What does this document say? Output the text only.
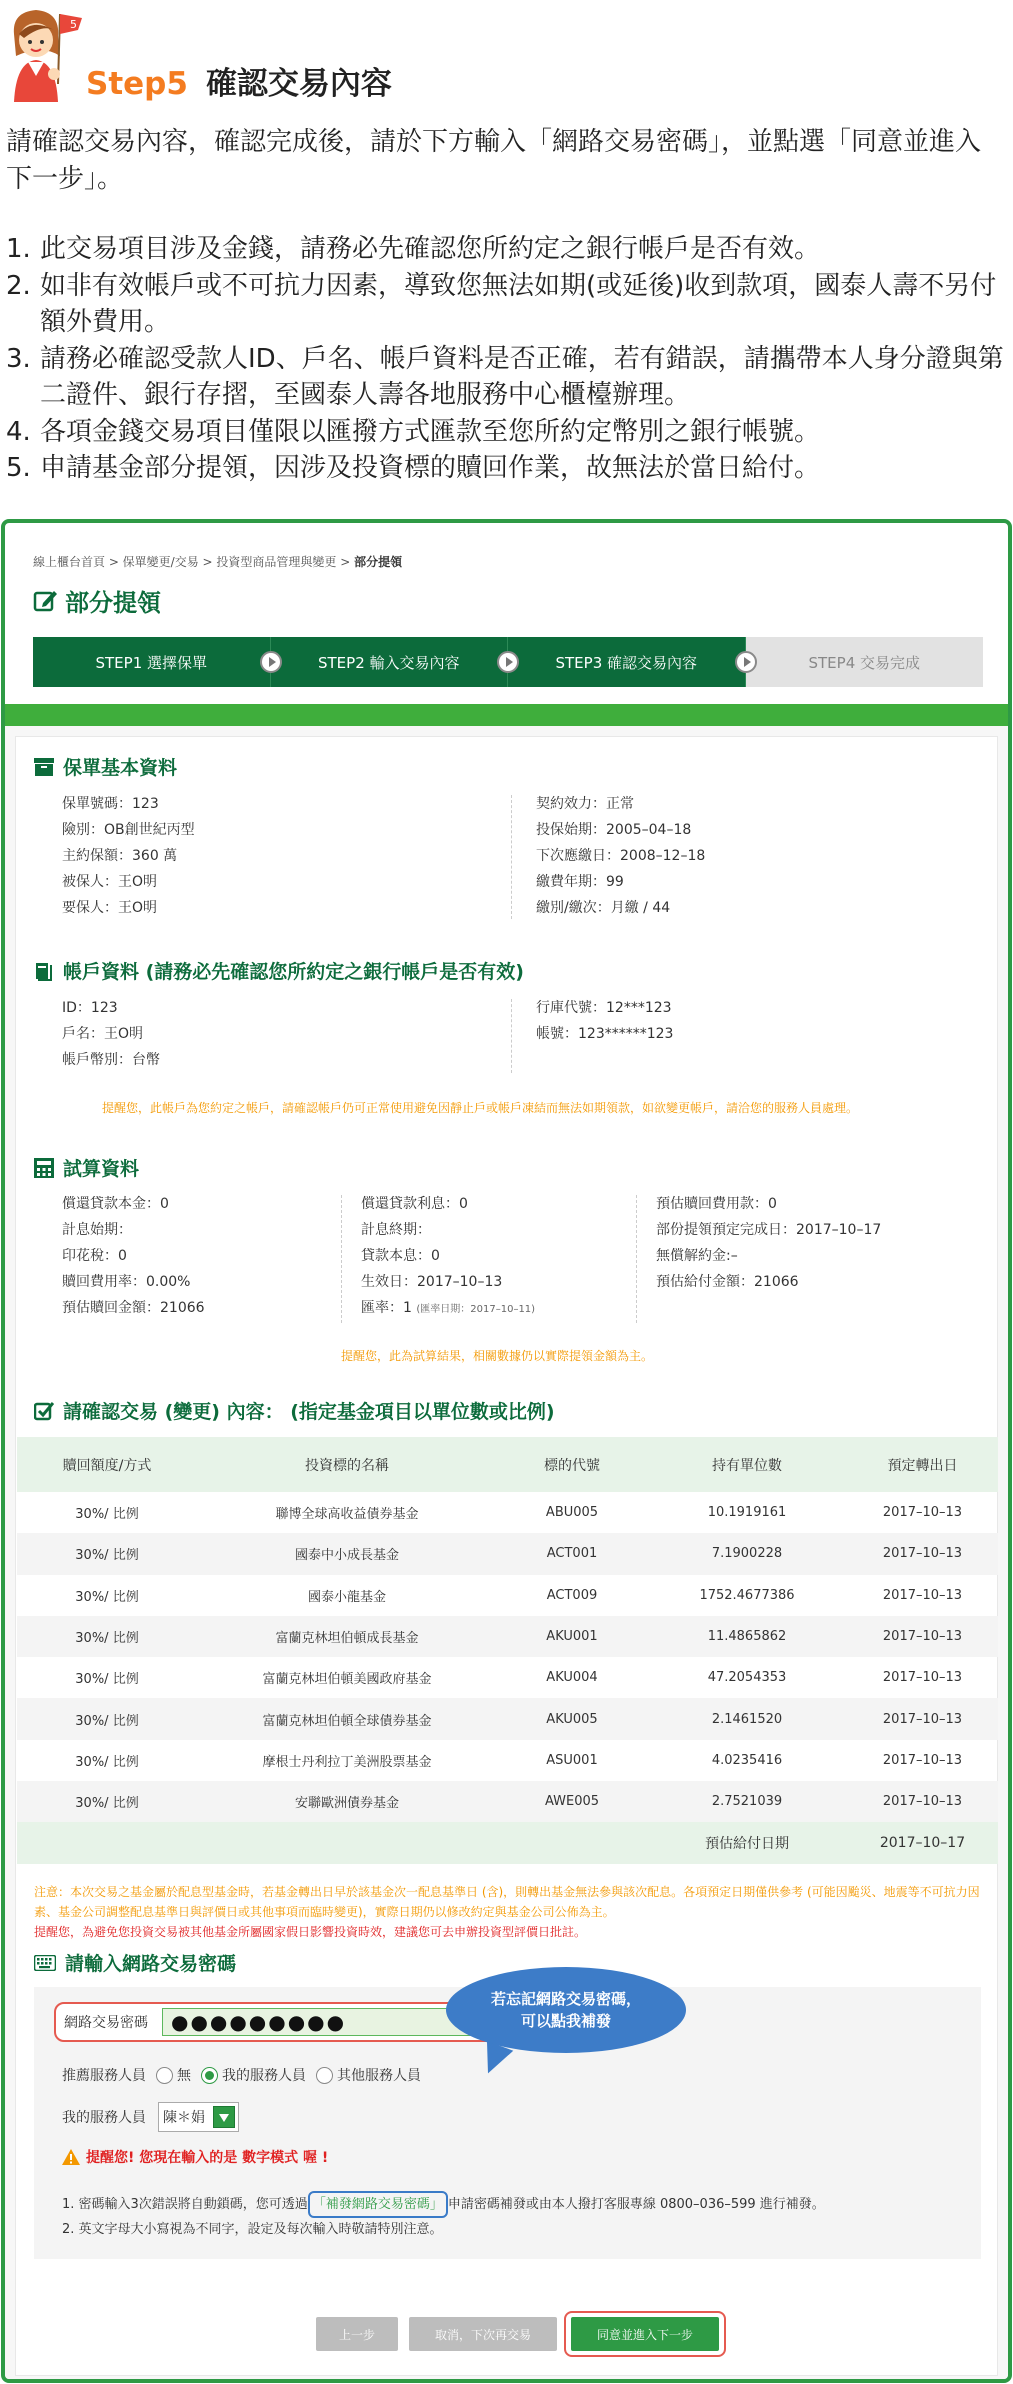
5
Step5 確認交易內容
請確認交易內容，確認完成後，請於下方輸入「網路交易密碼」，並點選「同意並進入下一步」。
1. 此交易項目涉及金錢，請務必先確認您所約定之銀行帳戶是否有效。
2. 如非有效帳戶或不可抗力因素，導致您無法如期(或延後)收到款項，國泰人壽不另付額外費用。
3. 請務必確認受款人ID、戶名、帳戶資料是否正確，若有錯誤，請攜帶本人身分證與第二證件、銀行存摺，至國泰人壽各地服務中心櫃檯辦理。
4. 各項金錢交易項目僅限以匯撥方式匯款至您所約定幣別之銀行帳號。
5. 申請基金部分提領，因涉及投資標的贖回作業，故無法於當日給付。
線上櫃台首頁 > 保單變更/交易 > 投資型商品管理與變更 > 部分提領
部分提領
STEP1 選擇保單	STEP2 輸入交易內容	STEP3 確認交易內容	STEP4 交易完成
保單基本資料
保單號碼：123
險別：OB創世紀丙型
主約保額：360 萬
被保人：王O明
要保人：王O明
契約效力：正常
投保始期：2005–04–18
下次應繳日：2008–12–18
繳費年期：99
繳別/繳次：月繳 / 44
帳戶資料 (請務必先確認您所約定之銀行帳戶是否有效)
ID：123
戶名：王O明
帳戶幣別：台幣
行庫代號：12***123
帳號：123******123
提醒您，此帳戶為您約定之帳戶，請確認帳戶仍可正常使用避免因靜止戶或帳戶凍結而無法如期領款，如欲變更帳戶，請洽您的服務人員處理。
試算資料
償還貸款本金：0
計息始期：
印花稅：0
贖回費用率：0.00%
預估贖回金額：21066
償還貸款利息：0
計息終期：
貸款本息：0
生效日：2017–10–13
匯率：1 (匯率日期：2017–10–11)
預估贖回費用款：0
部份提領預定完成日：2017–10–17
無償解約金:–
預估給付金額：21066
提醒您，此為試算結果，相關數據仍以實際提領金額為主。
請確認交易 (變更) 內容： (指定基金項目以單位數或比例)
贖回額度/方式	投資標的名稱	標的代號	持有單位數	預定轉出日
30%/ 比例	聯博全球高收益債券基金	ABU005	10.1919161	2017–10–13
30%/ 比例	國泰中小成長基金	ACT001	7.1900228	2017–10–13
30%/ 比例	國泰小龍基金	ACT009	1752.4677386	2017–10–13
30%/ 比例	富蘭克林坦伯頓成長基金	AKU001	11.4865862	2017–10–13
30%/ 比例	富蘭克林坦伯頓美國政府基金	AKU004	47.2054353	2017–10–13
30%/ 比例	富蘭克林坦伯頓全球債券基金	AKU005	2.1461520	2017–10–13
30%/ 比例	摩根士丹利拉丁美洲股票基金	ASU001	4.0235416	2017–10–13
30%/ 比例	安聯歐洲債券基金	AWE005	2.7521039	2017–10–13
			預估給付日期	2017–10–17
注意：本次交易之基金屬於配息型基金時，若基金轉出日早於該基金次一配息基準日 (含)，則轉出基金無法參與該次配息。各項預定日期僅供參考 (可能因颱災、地震等不可抗力因素、基金公司調整配息基準日與評價日或其他事項而臨時變更)，實際日期仍以修改約定與基金公司公佈為主。
提醒您，為避免您投資交易被其他基金所屬國家假日影響投資時效，建議您可去申辦投資型評價日批註。
請輸入網路交易密碼
網路交易密碼	●●●●●●●●●
推薦服務人員 無 我的服務人員 其他服務人員
我的服務人員 陳＊娟
提醒您! 您現在輸入的是 數字模式 喔 !
1. 密碼輸入3次錯誤將自動鎖碼，您可透過 「補發網路交易密碼」 申請密碼補發或由本人撥打客服專線 0800–036–599 進行補發。
2. 英文字母大小寫視為不同字，設定及每次輸入時敬請特別注意。
若忘記網路交易密碼，
可以點我補發
上一步	取消，下次再交易	同意並進入下一步
